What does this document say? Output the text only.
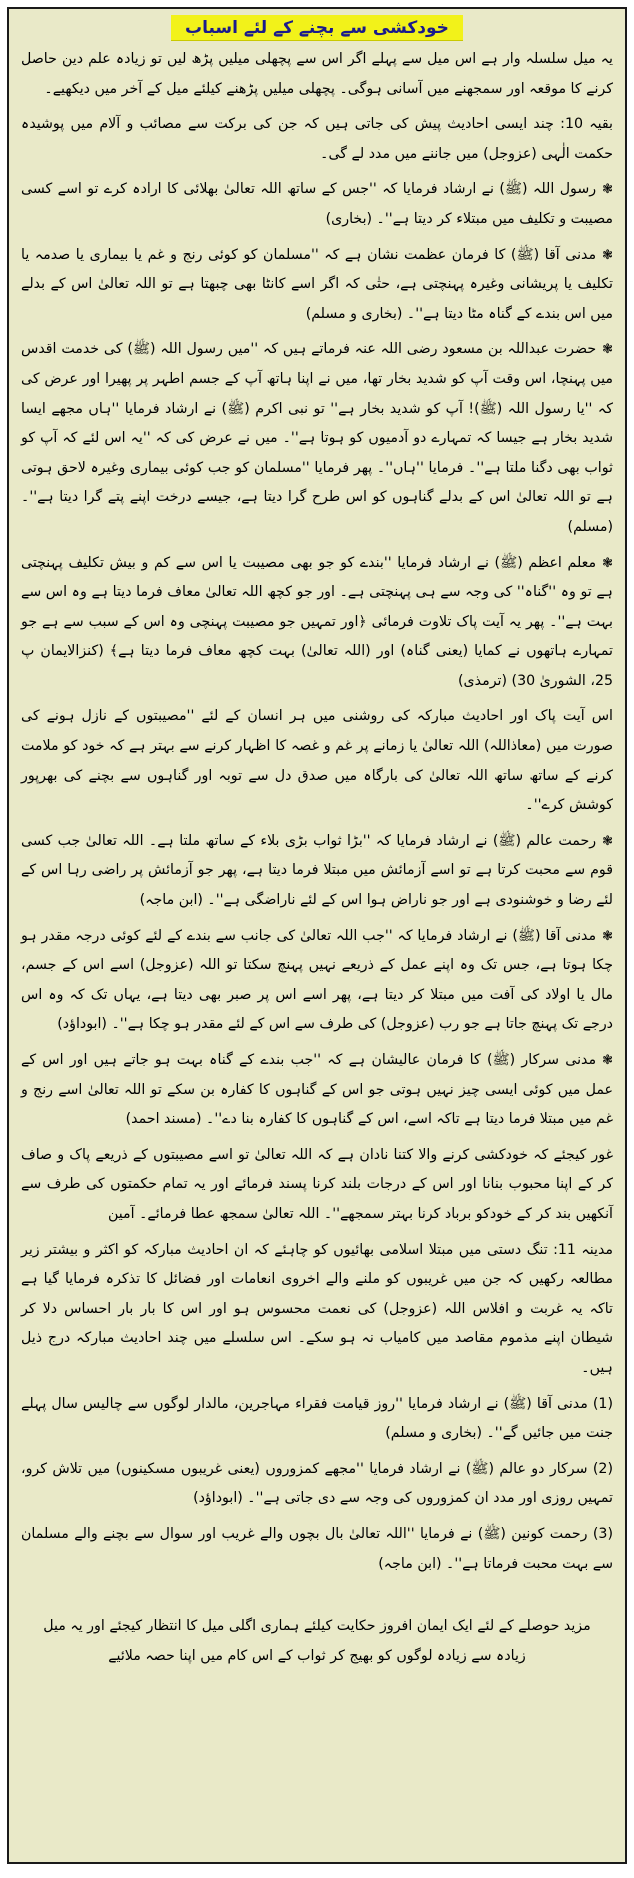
خودکشی سے بچنے کے لئے اسباب

یہ میل سلسلہ وار ہے اس میل سے پہلے اگر اس سے پچھلی میلیں پڑھ لیں تو زیادہ علم دین حاصل کرنے کا موقعہ اور سمجھنے میں آسانی ہوگی۔ پچھلی میلیں پڑھنے کیلئے میل کے آخر میں دیکھیے۔

بقیہ 10: چند ایسی احادیث پیش کی جاتی ہیں کہ جن کی برکت سے مصائب و آلام میں پوشیدہ حکمت الٰہی (عزوجل) میں جاننے میں مدد لے گی۔

❃ رسول اللہ (ﷺ) نے ارشاد فرمایا کہ ''جس کے ساتھ اللہ تعالیٰ بھلائی کا ارادہ کرے تو اسے کسی مصیبت و تکلیف میں مبتلاء کر دیتا ہے''۔ (بخاری)

❃ مدنی آقا (ﷺ) کا فرمان عظمت نشان ہے کہ ''مسلمان کو کوئی رنج و غم یا بیماری یا صدمہ یا تکلیف یا پریشانی وغیرہ پہنچتی ہے، حتٰی کہ اگر اسے کانٹا بھی چبھتا ہے تو اللہ تعالیٰ اس کے بدلے میں اس بندے کے گناہ مٹا دیتا ہے''۔ (بخاری و مسلم)

❃ حضرت عبداللہ بن مسعود رضی اللہ عنہ فرماتے ہیں کہ ''میں رسول اللہ (ﷺ) کی خدمت اقدس میں پہنچا، اس وقت آپ کو شدید بخار تھا، میں نے اپنا ہاتھ آپ کے جسم اطہر پر پھیرا اور عرض کی کہ ''یا رسول اللہ (ﷺ)! آپ کو شدید بخار ہے'' تو نبی اکرم (ﷺ) نے ارشاد فرمایا ''ہاں مجھے ایسا شدید بخار ہے جیسا کہ تمہارے دو آدمیوں کو ہوتا ہے''۔ میں نے عرض کی کہ ''یہ اس لئے کہ آپ کو ثواب بھی دگنا ملتا ہے''۔ فرمایا ''ہاں''۔ پھر فرمایا ''مسلمان کو جب کوئی بیماری وغیرہ لاحق ہوتی ہے تو اللہ تعالیٰ اس کے بدلے گناہوں کو اس طرح گرا دیتا ہے، جیسے درخت اپنے پتے گرا دیتا ہے''۔ (مسلم)

❃ معلم اعظم (ﷺ) نے ارشاد فرمایا ''بندے کو جو بھی مصیبت یا اس سے کم و بیش تکلیف پہنچتی ہے تو وہ ''گناہ'' کی وجہ سے ہی پہنچتی ہے۔ اور جو کچھ اللہ تعالیٰ معاف فرما دیتا ہے وہ اس سے بہت ہے''۔ پھر یہ آیت پاک تلاوت فرمائی ﴿اور تمہیں جو مصیبت پہنچی وہ اس کے سبب سے ہے جو تمہارے ہاتھوں نے کمایا (یعنی گناہ) اور (اللہ تعالیٰ) بہت کچھ معاف فرما دیتا ہے﴾ (کنزالایمان پ 25، الشوریٰ 30) (ترمذی)

اس آیت پاک اور احادیث مبارکہ کی روشنی میں ہر انسان کے لئے ''مصیبتوں کے نازل ہونے کی صورت میں (معاذاللہ) اللہ تعالیٰ یا زمانے پر غم و غصہ کا اظہار کرنے سے بہتر ہے کہ خود کو ملامت کرنے کے ساتھ ساتھ اللہ تعالیٰ کی بارگاہ میں صدق دل سے توبہ اور گناہوں سے بچنے کی بھرپور کوشش کرے''۔

❃ رحمت عالم (ﷺ) نے ارشاد فرمایا کہ ''بڑا ثواب بڑی بلاء کے ساتھ ملتا ہے۔ اللہ تعالیٰ جب کسی قوم سے محبت کرتا ہے تو اسے آزمائش میں مبتلا فرما دیتا ہے، پھر جو آزمائش پر راضی رہا اس کے لئے رضا و خوشنودی ہے اور جو ناراض ہوا اس کے لئے ناراضگی ہے''۔ (ابن ماجہ)

❃ مدنی آقا (ﷺ) نے ارشاد فرمایا کہ ''جب اللہ تعالیٰ کی جانب سے بندے کے لئے کوئی درجہ مقدر ہو چکا ہوتا ہے، جس تک وہ اپنے عمل کے ذریعے نہیں پہنچ سکتا تو اللہ (عزوجل) اسے اس کے جسم، مال یا اولاد کی آفت میں مبتلا کر دیتا ہے، پھر اسے اس پر صبر بھی دیتا ہے، یہاں تک کہ وہ اس درجے تک پہنچ جاتا ہے جو رب (عزوجل) کی طرف سے اس کے لئے مقدر ہو چکا ہے''۔ (ابوداؤد)

❃ مدنی سرکار (ﷺ) کا فرمان عالیشان ہے کہ ''جب بندے کے گناہ بہت ہو جاتے ہیں اور اس کے عمل میں کوئی ایسی چیز نہیں ہوتی جو اس کے گناہوں کا کفارہ بن سکے تو اللہ تعالیٰ اسے رنج و غم میں مبتلا فرما دیتا ہے تاکہ اسے، اس کے گناہوں کا کفارہ بنا دے''۔ (مسند احمد)

غور کیجئے کہ خودکشی کرنے والا کتنا نادان ہے کہ اللہ تعالیٰ تو اسے مصیبتوں کے ذریعے پاک و صاف کر کے اپنا محبوب بنانا اور اس کے درجات بلند کرنا پسند فرمائے اور یہ تمام حکمتوں کی طرف سے آنکھیں بند کر کے خودکو برباد کرنا بہتر سمجھے''۔ اللہ تعالیٰ سمجھ عطا فرمائے۔ آمین

مدینہ 11: تنگ دستی میں مبتلا اسلامی بھائیوں کو چاہئے کہ ان احادیث مبارکہ کو اکثر و بیشتر زیر مطالعہ رکھیں کہ جن میں غریبوں کو ملنے والے اخروی انعامات اور فضائل کا تذکرہ فرمایا گیا ہے تاکہ یہ غربت و افلاس اللہ (عزوجل) کی نعمت محسوس ہو اور اس کا بار بار احساس دلا کر شیطان اپنے مذموم مقاصد میں کامیاب نہ ہو سکے۔ اس سلسلے میں چند احادیث مبارکہ درج ذیل ہیں۔

(1) مدنی آقا (ﷺ) نے ارشاد فرمایا ''روز قیامت فقراء مہاجرین، مالدار لوگوں سے چالیس سال پہلے جنت میں جائیں گے''۔ (بخاری و مسلم)

(2) سرکار دو عالم (ﷺ) نے ارشاد فرمایا ''مجھے کمزوروں (یعنی غریبوں مسکینوں) میں تلاش کرو، تمہیں روزی اور مدد ان کمزوروں کی وجہ سے دی جاتی ہے''۔ (ابوداؤد)

(3) رحمت کونین (ﷺ) نے فرمایا ''اللہ تعالیٰ بال بچوں والے غریب اور سوال سے بچنے والے مسلمان سے بہت محبت فرماتا ہے''۔ (ابن ماجہ)

مزید حوصلے کے لئے ایک ایمان افروز حکایت کیلئے ہماری اگلی میل کا انتظار کیجئے اور یہ میل زیادہ سے زیادہ لوگوں کو بھیج کر ثواب کے اس کام میں اپنا حصہ ملائیے
